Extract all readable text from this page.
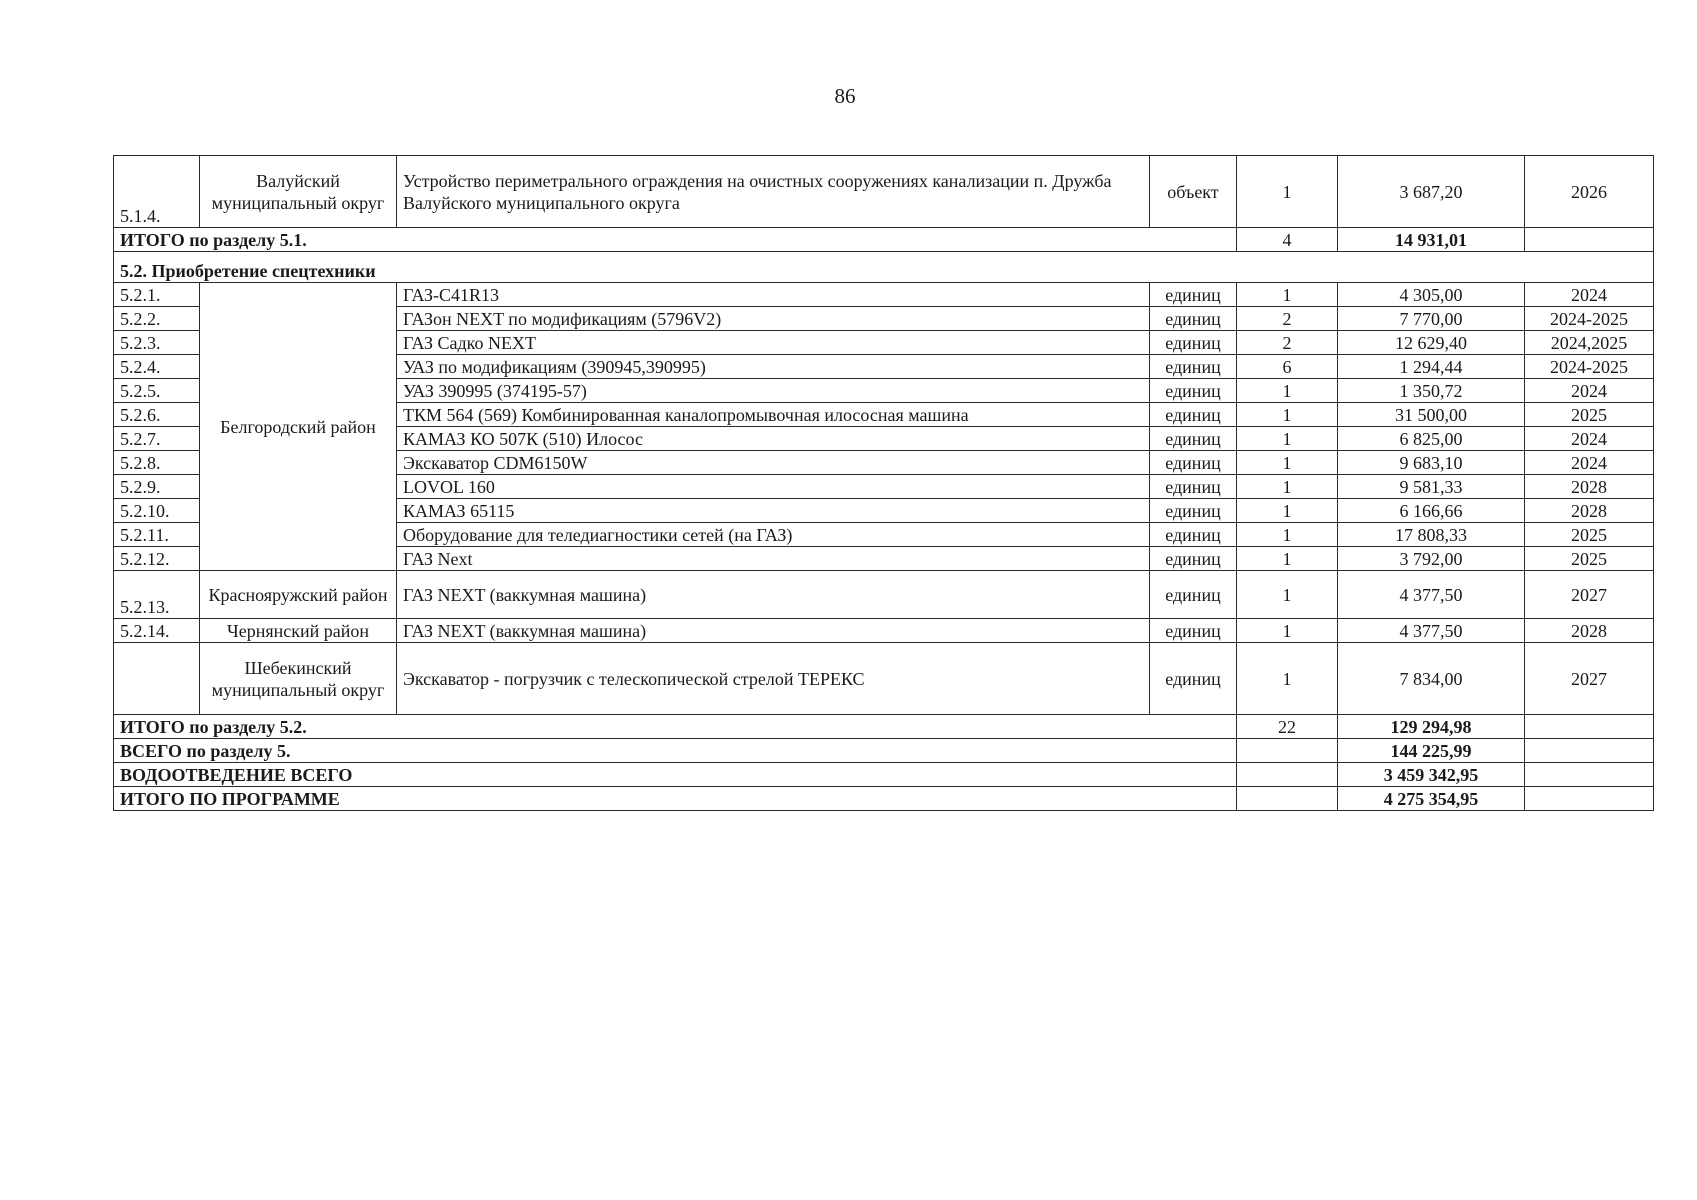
86
5.1.4.	Валуйский муниципальный округ	Устройство периметрального ограждения на очистных сооружениях канализации п. Дружба Валуйского муниципального округа	объект	1	3 687,20	2026
ИТОГО по разделу 5.1.				4	14 931,01	
5.2. Приобретение спецтехники						
5.2.1.	Белгородский район	ГАЗ-С41R13	единиц	1	4 305,00	2024
5.2.2.		ГАЗон NEXT по модификациям (5796V2)	единиц	2	7 770,00	2024-2025
5.2.3.		ГАЗ Садко NEXT	единиц	2	12 629,40	2024,2025
5.2.4.		УАЗ по модификациям (390945,390995)	единиц	6	1 294,44	2024-2025
5.2.5.		УАЗ 390995 (374195-57)	единиц	1	1 350,72	2024
5.2.6.		ТКМ 564 (569) Комбинированная каналопромывочная илососная машина	единиц	1	31 500,00	2025
5.2.7.		КАМАЗ КО 507К (510) Илосос	единиц	1	6 825,00	2024
5.2.8.		Экскаватор CDM6150W	единиц	1	9 683,10	2024
5.2.9.		LOVOL 160	единиц	1	9 581,33	2028
5.2.10.		КАМАЗ 65115	единиц	1	6 166,66	2028
5.2.11.		Оборудование для теледиагностики сетей (на ГАЗ)	единиц	1	17 808,33	2025
5.2.12.		ГАЗ Next	единиц	1	3 792,00	2025
5.2.13.	Краснояружский район	ГАЗ NEXT (ваккумная машина)	единиц	1	4 377,50	2027
5.2.14.	Чернянский район	ГАЗ NEXT (ваккумная машина)	единиц	1	4 377,50	2028
	Шебекинский муниципальный округ	Экскаватор - погрузчик с телескопической стрелой ТЕРЕКС	единиц	1	7 834,00	2027
ИТОГО по разделу 5.2.				22	129 294,98	
ВСЕГО по разделу 5.					144 225,99	
ВОДООТВЕДЕНИЕ ВСЕГО					3 459 342,95	
ИТОГО ПО ПРОГРАММЕ					4 275 354,95	
